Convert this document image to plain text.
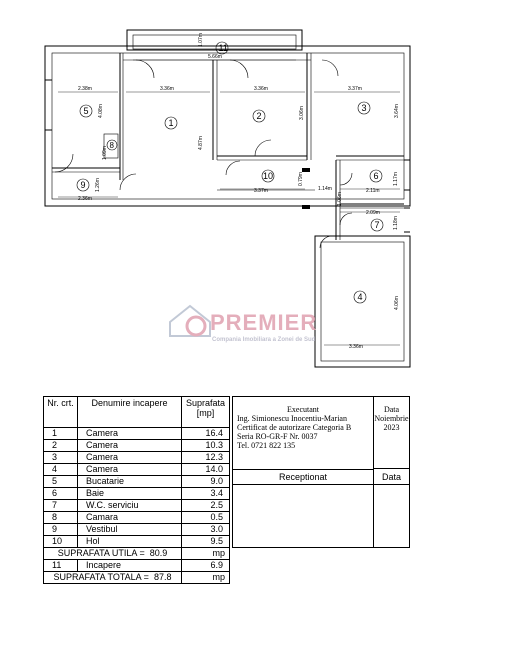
5.66m
1.07m
2.38m
4.08m
1.09m
3.36m
4.87m
3.36m
3.06m
3.37m
3.64m
1.26m
2.36m
3.37m
0.79m
1.14m	2.11m
1.17m
2.09m
1.18m
1.06m
4.06m
3.36m
11
5
1
2
3
8
9
10	6
7
4
PREMIER
Compania Imobiliara a Zonei de Sud
Nr. crt.	Denumire incapere	Suprafata [mp]
1	Camera	16.4
2	Camera	10.3
3	Camera	12.3
4	Camera	14.0
5	Bucatarie	9.0
6	Baie	3.4
7	W.C. serviciu	2.5
8	Camara	0.5
9	Vestibul	3.0
10	Hol	9.5
SUPRAFATA UTILA = 80.9		mp
11	Incapere	6.9
SUPRAFATA TOTALA = 87.8		mp
Executant
Ing. Simionescu Inocentiu-Marian
Certificat de autorizare Categoria B
Seria RO-GR-F Nr. 0037
Tel. 0721 822 135
Data
Noiembrie
2023
Receptionat	Data
